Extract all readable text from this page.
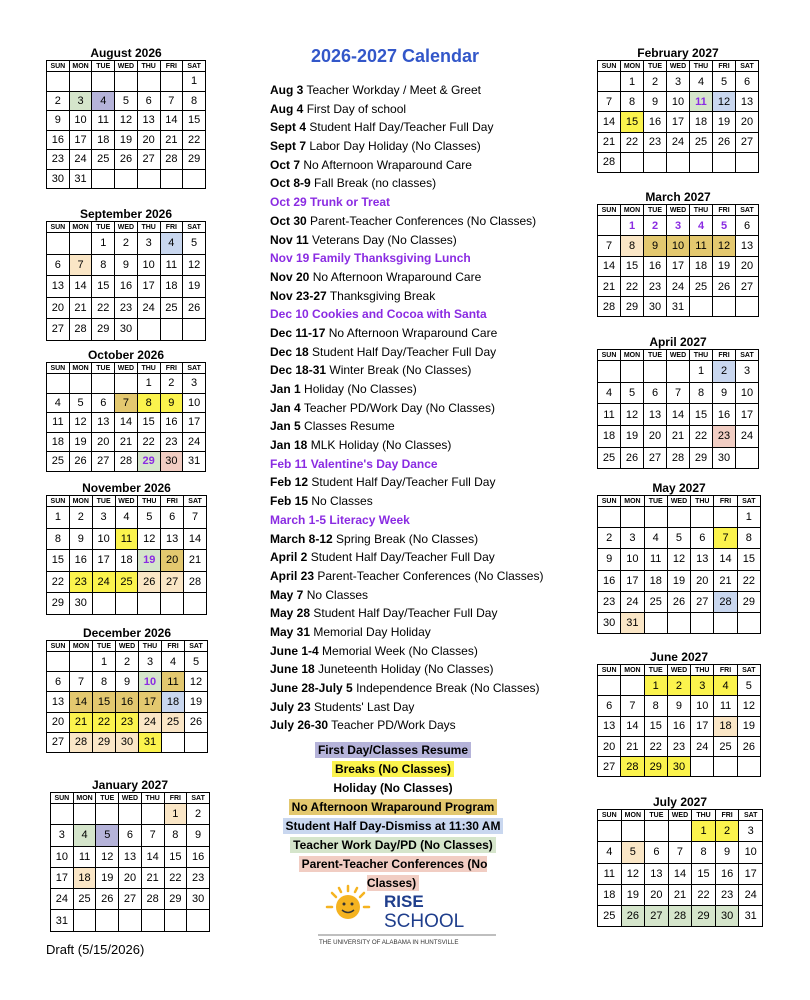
2026-2027 Calendar
August 2026
SUN	MON	TUE	WED	THU	FRI	SAT
						1
2	3	4	5	6	7	8
9	10	11	12	13	14	15
16	17	18	19	20	21	22
23	24	25	26	27	28	29
30	31					
September 2026
SUN	MON	TUE	WED	THU	FRI	SAT
		1	2	3	4	5
6	7	8	9	10	11	12
13	14	15	16	17	18	19
20	21	22	23	24	25	26
27	28	29	30			
October 2026
SUN	MON	TUE	WED	THU	FRI	SAT
				1	2	3
4	5	6	7	8	9	10
11	12	13	14	15	16	17
18	19	20	21	22	23	24
25	26	27	28	29	30	31
November 2026
SUN	MON	TUE	WED	THU	FRI	SAT
1	2	3	4	5	6	7
8	9	10	11	12	13	14
15	16	17	18	19	20	21
22	23	24	25	26	27	28
29	30					
December 2026
SUN	MON	TUE	WED	THU	FRI	SAT
		1	2	3	4	5
6	7	8	9	10	11	12
13	14	15	16	17	18	19
20	21	22	23	24	25	26
27	28	29	30	31		
January 2027
SUN	MON	TUE	WED	THU	FRI	SAT
					1	2
3	4	5	6	7	8	9
10	11	12	13	14	15	16
17	18	19	20	21	22	23
24	25	26	27	28	29	30
31						
February 2027
SUN	MON	TUE	WED	THU	FRI	SAT
	1	2	3	4	5	6
7	8	9	10	11	12	13
14	15	16	17	18	19	20
21	22	23	24	25	26	27
28						
March 2027
SUN	MON	TUE	WED	THU	FRI	SAT
	1	2	3	4	5	6
7	8	9	10	11	12	13
14	15	16	17	18	19	20
21	22	23	24	25	26	27
28	29	30	31			
April 2027
SUN	MON	TUE	WED	THU	FRI	SAT
				1	2	3
4	5	6	7	8	9	10
11	12	13	14	15	16	17
18	19	20	21	22	23	24
25	26	27	28	29	30	
May 2027
SUN	MON	TUE	WED	THU	FRI	SAT
						1
2	3	4	5	6	7	8
9	10	11	12	13	14	15
16	17	18	19	20	21	22
23	24	25	26	27	28	29
30	31					
June 2027
SUN	MON	TUE	WED	THU	FRI	SAT
		1	2	3	4	5
6	7	8	9	10	11	12
13	14	15	16	17	18	19
20	21	22	23	24	25	26
27	28	29	30			
July 2027
SUN	MON	TUE	WED	THU	FRI	SAT
				1	2	3
4	5	6	7	8	9	10
11	12	13	14	15	16	17
18	19	20	21	22	23	24
25	26	27	28	29	30	31
Aug 3 Teacher Workday / Meet & Greet
Aug 4 First Day of school
Sept 4 Student Half Day/Teacher Full Day
Sept 7 Labor Day Holiday (No Classes)
Oct 7 No Afternoon Wraparound Care
Oct 8-9 Fall Break (no classes)
Oct 29 Trunk or Treat
Oct 30 Parent-Teacher Conferences (No Classes)
Nov 11 Veterans Day (No Classes)
Nov 19 Family Thanksgiving Lunch
Nov 20 No Afternoon Wraparound Care
Nov 23-27 Thanksgiving Break
Dec 10 Cookies and Cocoa with Santa
Dec 11-17 No Afternoon Wraparound Care
Dec 18 Student Half Day/Teacher Full Day
Dec 18-31 Winter Break (No Classes)
Jan 1 Holiday (No Classes)
Jan 4 Teacher PD/Work Day (No Classes)
Jan 5 Classes Resume
Jan 18 MLK Holiday (No Classes)
Feb 11 Valentine's Day Dance
Feb 12 Student Half Day/Teacher Full Day
Feb 15 No Classes
March 1-5 Literacy Week
March 8-12 Spring Break (No Classes)
April 2 Student Half Day/Teacher Full Day
April 23 Parent-Teacher Conferences (No Classes)
May 7 No Classes
May 28 Student Half Day/Teacher Full Day
May 31 Memorial Day Holiday
June 1-4 Memorial Week (No Classes)
June 18 Juneteenth Holiday (No Classes)
June 28-July 5 Independence Break (No Classes)
July 23 Students' Last Day
July 26-30 Teacher PD/Work Days
First Day/Classes Resume
Breaks (No Classes)
Holiday (No Classes)
No Afternoon Wraparound Program
Student Half Day-Dismiss at 11:30 AM
Teacher Work Day/PD (No Classes)
Parent-Teacher Conferences (No Classes)
RISE
SCHOOL
THE UNIVERSITY OF ALABAMA IN HUNTSVILLE
Draft (5/15/2026)
